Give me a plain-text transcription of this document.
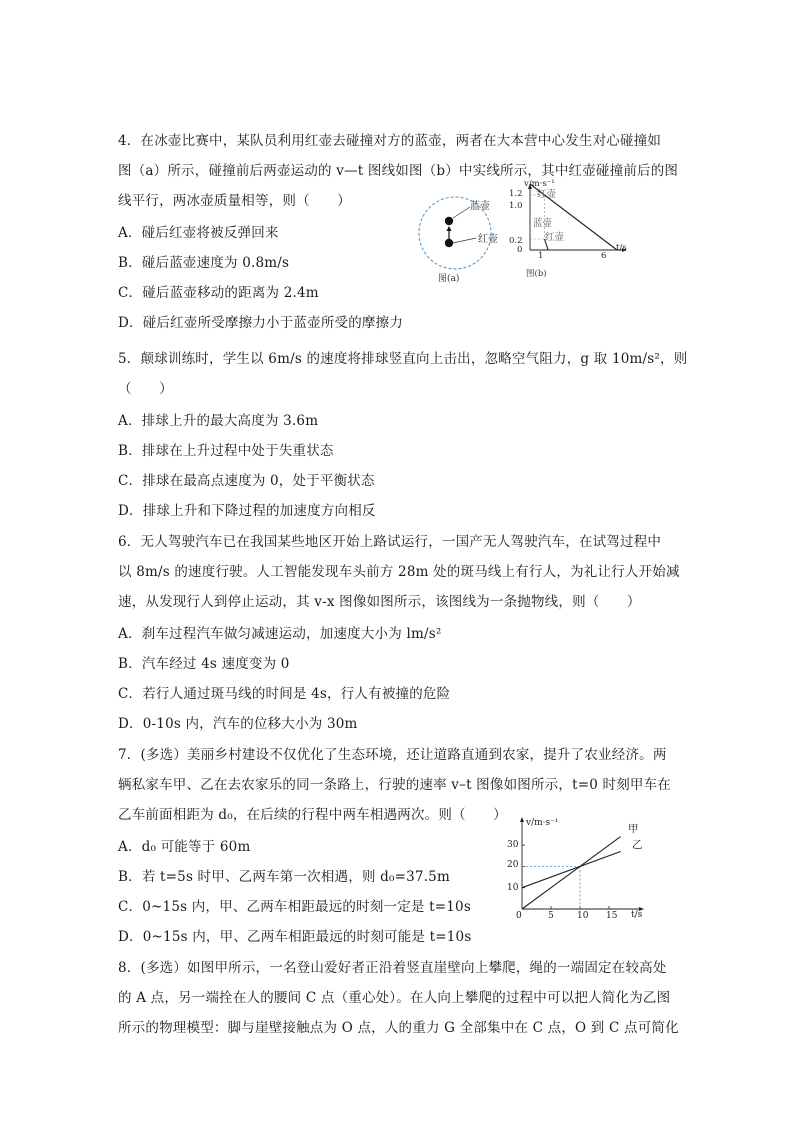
4．在冰壶比赛中，某队员利用红壶去碰撞对方的蓝壶，两者在大本营中心发生对心碰撞如
图（a）所示，碰撞前后两壶运动的 v—t 图线如图（b）中实线所示，其中红壶碰撞前后的图
线平行，两冰壶质量相等，则（　　）
A．碰后红壶将被反弹回来
B．碰后蓝壶速度为 0.8m/s
C．碰后蓝壶移动的距离为 2.4m
D．碰后红壶所受摩擦力小于蓝壶所受的摩擦力
蓝壶
红壶
图(a)
v/m·s⁻¹
t/s
1.2
1.0
0.2
0
1	6
红壶
蓝壶
红壶
图(b)
5．颠球训练时，学生以 6m/s 的速度将排球竖直向上击出，忽略空气阻力，g 取 10m/s²，则
（　　）
A．排球上升的最大高度为 3.6m
B．排球在上升过程中处于失重状态
C．排球在最高点速度为 0，处于平衡状态
D．排球上升和下降过程的加速度方向相反
6．无人驾驶汽车已在我国某些地区开始上路试运行，一国产无人驾驶汽车，在试驾过程中
以 8m/s 的速度行驶。人工智能发现车头前方 28m 处的斑马线上有行人，为礼让行人开始减
速，从发现行人到停止运动，其 v-x 图像如图所示，该图线为一条抛物线，则（　　）
A．刹车过程汽车做匀减速运动，加速度大小为 lm/s²
B．汽车经过 4s 速度变为 0
C．若行人通过斑马线的时间是 4s，行人有被撞的危险
D．0-10s 内，汽车的位移大小为 30m
7．(多选）美丽乡村建设不仅优化了生态环境，还让道路直通到农家，提升了农业经济。两
辆私家车甲、乙在去农家乐的同一条路上，行驶的速率 v–t 图像如图所示，t=0 时刻甲车在
乙车前面相距为 d₀，在后续的行程中两车相遇两次。则（　　）
A．d₀ 可能等于 60m
B．若 t=5s 时甲、乙两车第一次相遇，则 d₀=37.5m
C．0~15s 内，甲、乙两车相距最远的时刻一定是 t=10s
D．0~15s 内，甲、乙两车相距最远的时刻可能是 t=10s
v/m·s⁻¹
t/s
30
20
10
0	5	10 15
甲
乙
8．(多选）如图甲所示，一名登山爱好者正沿着竖直崖壁向上攀爬，绳的一端固定在较高处
的 A 点，另一端拴在人的腰间 C 点（重心处）。在人向上攀爬的过程中可以把人简化为乙图
所示的物理模型：脚与崖壁接触点为 O 点，人的重力 G 全部集中在 C 点，O 到 C 点可简化
